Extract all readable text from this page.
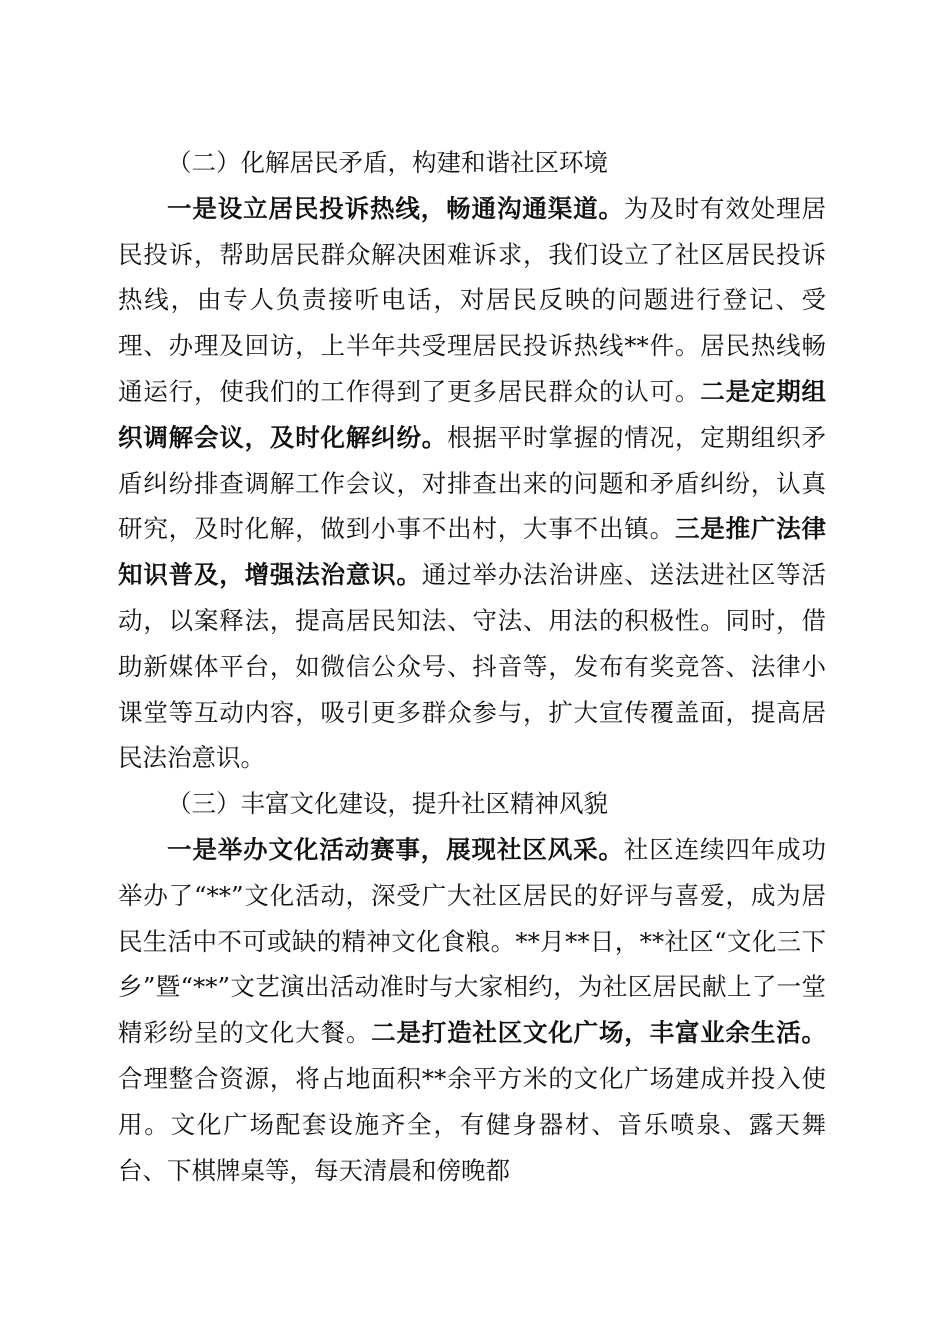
（二）化解居民矛盾，构建和谐社区环境

一是设立居民投诉热线，畅通沟通渠道。为及时有效处理居民投诉，帮助居民群众解决困难诉求，我们设立了社区居民投诉热线，由专人负责接听电话，对居民反映的问题进行登记、受理、办理及回访，上半年共受理居民投诉热线**件。居民热线畅通运行，使我们的工作得到了更多居民群众的认可。二是定期组织调解会议，及时化解纠纷。根据平时掌握的情况，定期组织矛盾纠纷排查调解工作会议，对排查出来的问题和矛盾纠纷，认真研究，及时化解，做到小事不出村，大事不出镇。三是推广法律知识普及，增强法治意识。通过举办法治讲座、送法进社区等活动，以案释法，提高居民知法、守法、用法的积极性。同时，借助新媒体平台，如微信公众号、抖音等，发布有奖竞答、法律小课堂等互动内容，吸引更多群众参与，扩大宣传覆盖面，提高居民法治意识。

（三）丰富文化建设，提升社区精神风貌

一是举办文化活动赛事，展现社区风采。社区连续四年成功举办了“**”文化活动，深受广大社区居民的好评与喜爱，成为居民生活中不可或缺的精神文化食粮。**月**日，**社区“文化三下乡”暨“**”文艺演出活动准时与大家相约，为社区居民献上了一堂精彩纷呈的文化大餐。二是打造社区文化广场，丰富业余生活。合理整合资源，将占地面积**余平方米的文化广场建成并投入使用。文化广场配套设施齐全，有健身器材、音乐喷泉、露天舞台、下棋牌桌等，每天清晨和傍晚都
